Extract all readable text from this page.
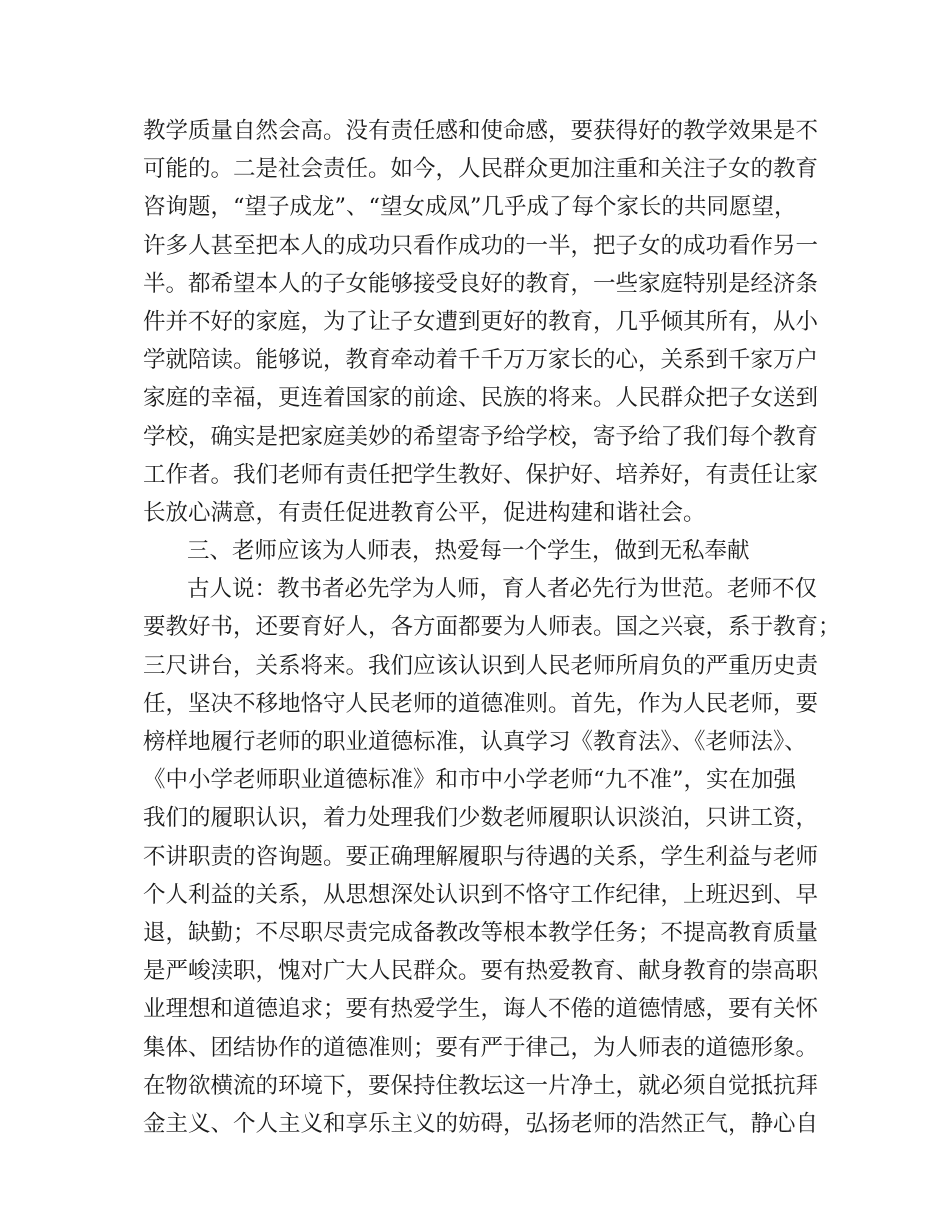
教学质量自然会高。没有责任感和使命感，要获得好的教学效果是不
可能的。二是社会责任。如今，人民群众更加注重和关注子女的教育
咨询题，“望子成龙”、“望女成凤”几乎成了每个家长的共同愿望，
许多人甚至把本人的成功只看作成功的一半，把子女的成功看作另一
半。都希望本人的子女能够接受良好的教育，一些家庭特别是经济条
件并不好的家庭，为了让子女遭到更好的教育，几乎倾其所有，从小
学就陪读。能够说，教育牵动着千千万万家长的心，关系到千家万户
家庭的幸福，更连着国家的前途、民族的将来。人民群众把子女送到
学校，确实是把家庭美妙的希望寄予给学校，寄予给了我们每个教育
工作者。我们老师有责任把学生教好、保护好、培养好，有责任让家
长放心满意，有责任促进教育公平，促进构建和谐社会。
三、老师应该为人师表，热爱每一个学生，做到无私奉献
古人说：教书者必先学为人师，育人者必先行为世范。老师不仅
要教好书，还要育好人，各方面都要为人师表。国之兴衰，系于教育；
三尺讲台，关系将来。我们应该认识到人民老师所肩负的严重历史责
任，坚决不移地恪守人民老师的道德准则。首先，作为人民老师，要
榜样地履行老师的职业道德标准，认真学习《教育法》、《老师法》、
《中小学老师职业道德标准》和市中小学老师“九不准”，实在加强
我们的履职认识，着力处理我们少数老师履职认识淡泊，只讲工资，
不讲职责的咨询题。要正确理解履职与待遇的关系，学生利益与老师
个人利益的关系，从思想深处认识到不恪守工作纪律，上班迟到、早
退，缺勤；不尽职尽责完成备教改等根本教学任务；不提高教育质量
是严峻渎职，愧对广大人民群众。要有热爱教育、献身教育的崇高职
业理想和道德追求；要有热爱学生，诲人不倦的道德情感，要有关怀
集体、团结协作的道德准则；要有严于律己，为人师表的道德形象。
在物欲横流的环境下，要保持住教坛这一片净土，就必须自觉抵抗拜
金主义、个人主义和享乐主义的妨碍，弘扬老师的浩然正气，静心自
